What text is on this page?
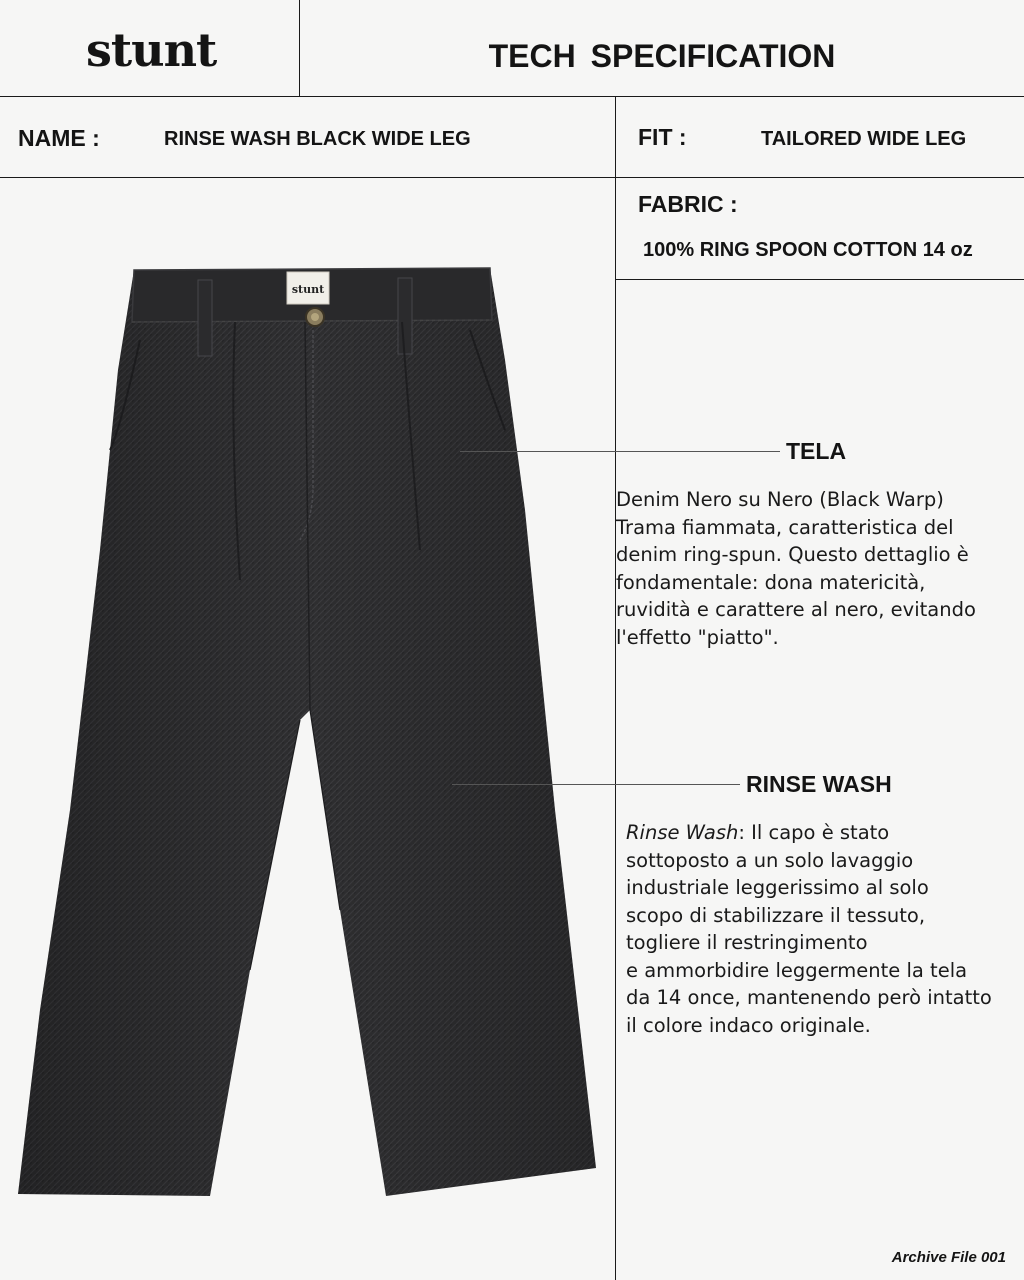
stunt	TECH SPECIFICATION
NAME :	RINSE WASH BLACK WIDE LEG	FIT :	TAILORED WIDE LEG
FABRIC :
100% RING SPOON COTTON 14 oz
stunt
TELA
Denim Nero su Nero (Black Warp)
Trama fiammata, caratteristica del
denim ring-spun. Questo dettaglio è
fondamentale: dona matericità,
ruvidità e carattere al nero, evitando
l'effetto "piatto".
RINSE WASH
Rinse Wash: Il capo è stato
sottoposto a un solo lavaggio
industriale leggerissimo al solo
scopo di stabilizzare il tessuto,
togliere il restringimento
e ammorbidire leggermente la tela
da 14 once, mantenendo però intatto
il colore indaco originale.
Archive File 001
